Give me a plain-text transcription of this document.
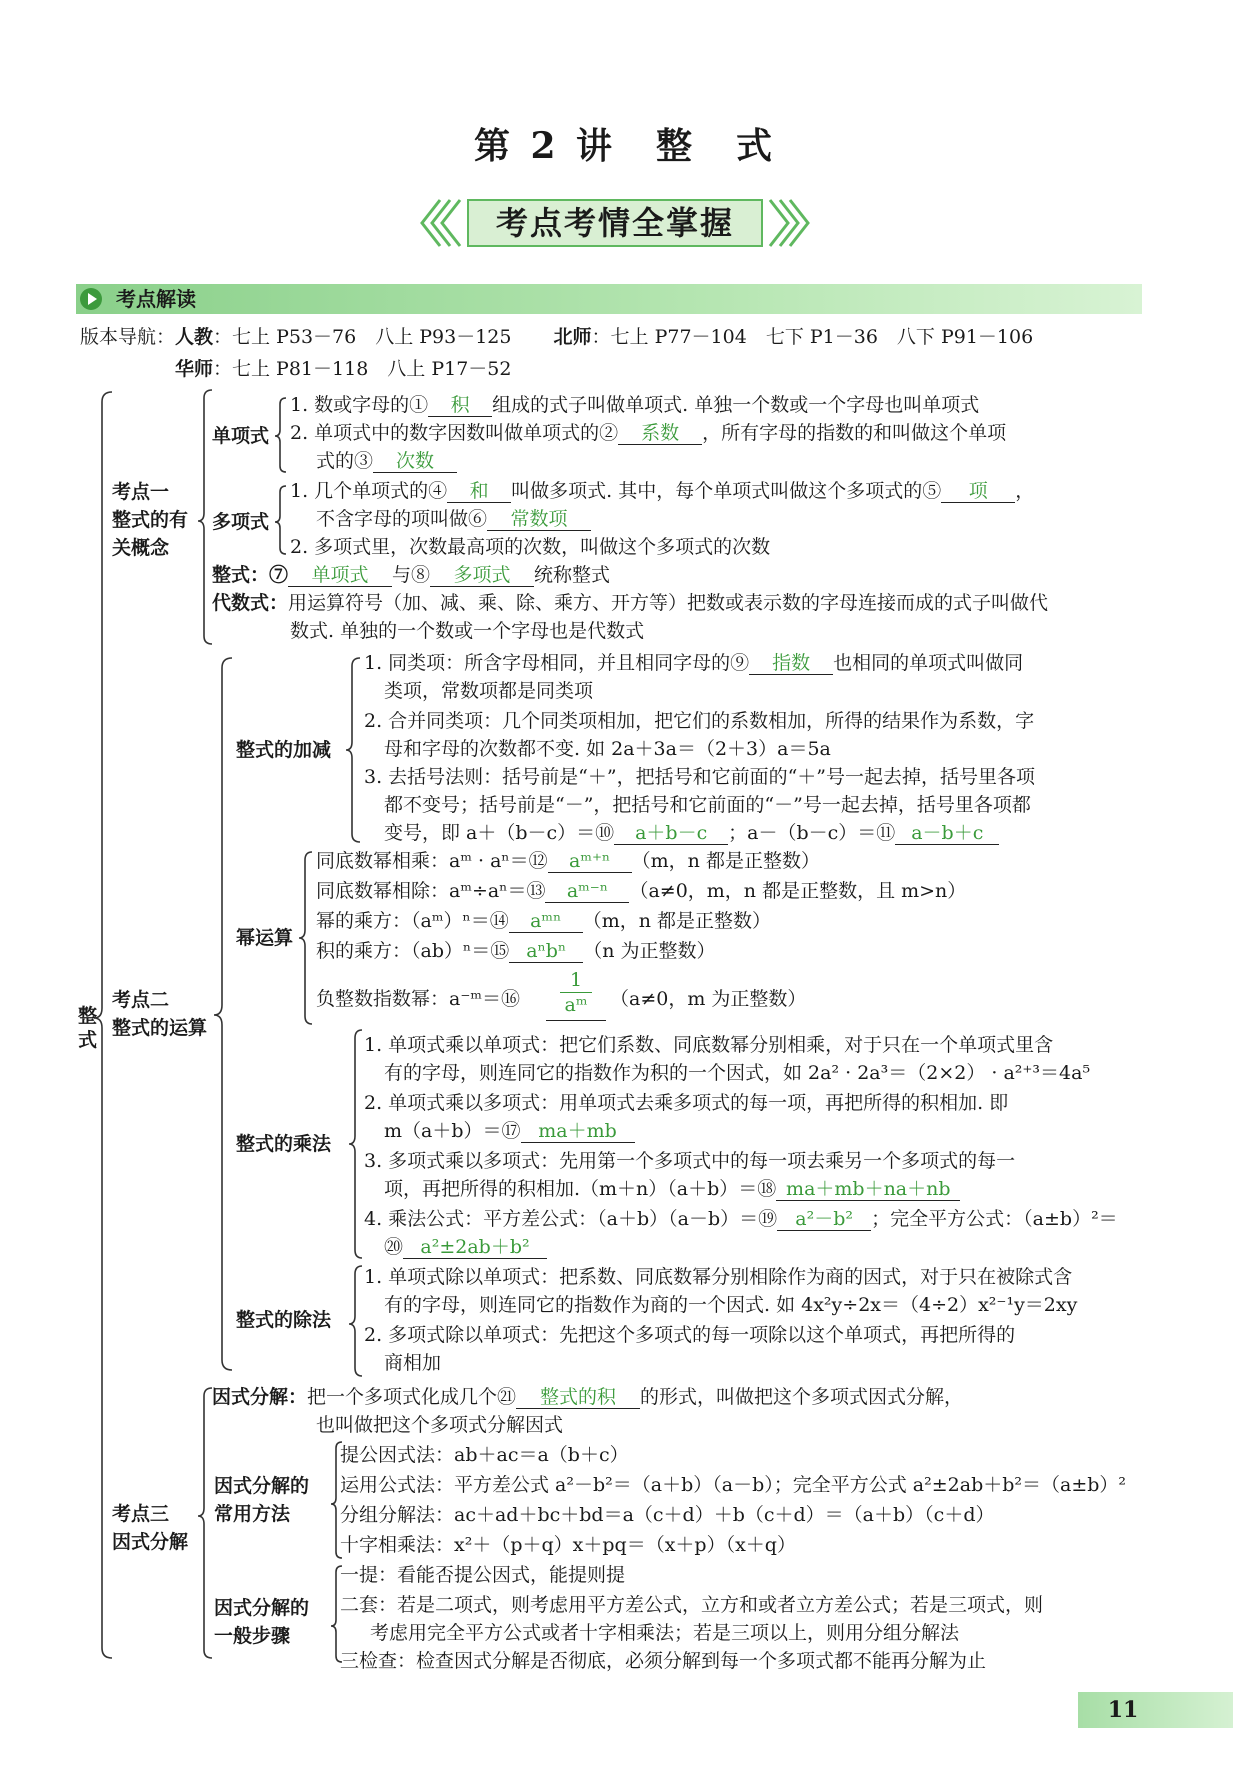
第 2 讲　整　式
考点考情全掌握
考点解读
版本导航：人教：七上 P53－76　八上 P93－125 北师：七上 P77－104　七下 P1－36　八下 P91－106
华师：七上 P81－118　八上 P17－52
整式
考点一
整式的有
关概念
单项式
1. 数或字母的① 积 组成的式子叫做单项式. 单独一个数或一个字母也叫单项式
2. 单项式中的数字因数叫做单项式的② 系数 ，所有字母的指数的和叫做这个单项
式的③ 次数
多项式
1. 几个单项式的④ 和 叫做多项式. 其中，每个单项式叫做这个多项式的⑤ 项 ，
不含字母的项叫做⑥ 常数项
2. 多项式里，次数最高项的次数，叫做这个多项式的次数
整式：⑦ 单项式 与⑧ 多项式 统称整式
代数式：用运算符号（加、减、乘、除、乘方、开方等）把数或表示数的字母连接而成的式子叫做代
数式. 单独的一个数或一个字母也是代数式
考点二
整式的运算
整式的加减
1. 同类项：所含字母相同，并且相同字母的⑨ 指数 也相同的单项式叫做同
类项，常数项都是同类项
2. 合并同类项：几个同类项相加，把它们的系数相加，所得的结果作为系数，字
母和字母的次数都不变. 如 2a＋3a＝（2＋3）a＝5a
3. 去括号法则：括号前是“＋”，把括号和它前面的“＋”号一起去掉，括号里各项
都不变号；括号前是“－”，把括号和它前面的“－”号一起去掉，括号里各项都
变号，即 a＋（b－c）＝⑩ a＋b－c ；a－（b－c）＝⑪ a－b＋c
幂运算
同底数幂相乘：aᵐ · aⁿ＝⑫ aᵐ⁺ⁿ （m，n 都是正整数）
同底数幂相除：aᵐ÷aⁿ＝⑬ aᵐ⁻ⁿ （a≠0，m，n 都是正整数，且 m>n）
幂的乘方：（aᵐ）ⁿ＝⑭ aᵐⁿ （m，n 都是正整数）
积的乘方：（ab）ⁿ＝⑮ aⁿbⁿ （n 为正整数）
负整数指数幂：a⁻ᵐ＝⑯ $\frac{1}{\text{aᵐ}} (a\ne 0$，m 为正整数）
整式的乘法
1. 单项式乘以单项式：把它们系数、同底数幂分别相乘，对于只在一个单项式里含
有的字母，则连同它的指数作为积的一个因式，如 2a² · 2a³＝（2×2） · a²⁺³＝4a⁵
2. 单项式乘以多项式：用单项式去乘多项式的每一项，再把所得的积相加. 即
m（a＋b）＝⑰ ma＋mb
3. 多项式乘以多项式：先用第一个多项式中的每一项去乘另一个多项式的每一
项，再把所得的积相加.（m＋n）（a＋b）＝⑱ ma＋mb＋na＋nb
4. 乘法公式：平方差公式：（a＋b）（a－b）＝⑲ a²－b² ；完全平方公式：（a±b）²＝
⑳ a²±2ab＋b²
整式的除法
1. 单项式除以单项式：把系数、同底数幂分别相除作为商的因式，对于只在被除式含
有的字母，则连同它的指数作为商的一个因式. 如 4x²y÷2x＝（4÷2）x²⁻¹y＝2xy
2. 多项式除以单项式：先把这个多项式的每一项除以这个单项式，再把所得的
商相加
考点三
因式分解
因式分解：把一个多项式化成几个㉑ 整式的积 的形式，叫做把这个多项式因式分解，
也叫做把这个多项式分解因式
因式分解的
常用方法
提公因式法：ab＋ac＝a（b＋c）
运用公式法：平方差公式 a²－b²＝（a＋b）（a－b）；完全平方公式 a²±2ab＋b²＝（a±b）²
分组分解法：ac＋ad＋bc＋bd＝a（c＋d）＋b（c＋d）＝（a＋b）（c＋d）
十字相乘法：x²＋（p＋q）x＋pq＝（x＋p）（x＋q）
因式分解的
一般步骤
一提：看能否提公因式，能提则提
二套：若是二项式，则考虑用平方差公式，立方和或者立方差公式；若是三项式，则
考虑用完全平方公式或者十字相乘法；若是三项以上，则用分组分解法
三检查：检查因式分解是否彻底，必须分解到每一个多项式都不能再分解为止
11
